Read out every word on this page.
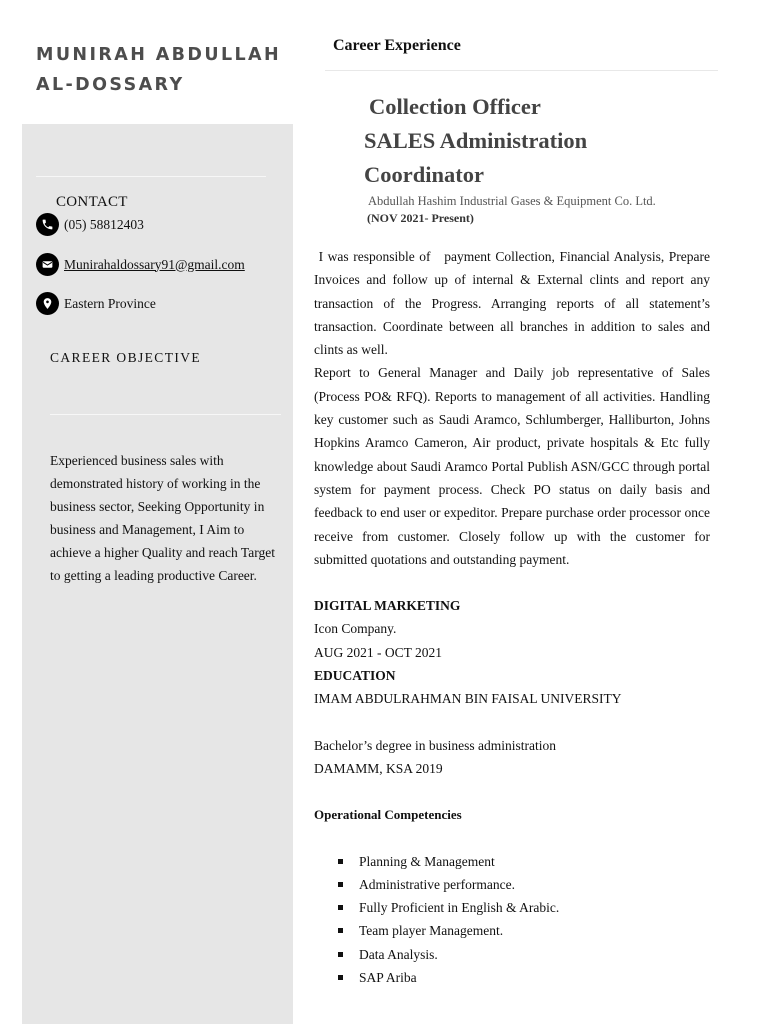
MUNIRAH ABDULLAH
AL-DOSSARY
CONTACT
(05) 58812403
Munirahaldossary91@gmail.com
Eastern Province
CAREER OBJECTIVE
Experienced business sales with demonstrated history of working in the business sector, Seeking Opportunity in business and Management, I Aim to achieve a higher Quality and reach Target to getting a leading productive Career.
Career Experience
Collection Officer
SALES Administration
Coordinator
Abdullah Hashim Industrial Gases & Equipment Co. Ltd.
(NOV 2021- Present)

I was responsible of   payment Collection, Financial Analysis, Prepare Invoices and follow up of internal & External clints and report any transaction of the Progress. Arranging reports of all statement’s transaction. Coordinate between all branches in addition to sales and clints as well.

Report to General Manager and Daily job representative of Sales (Process PO& RFQ). Reports to management of all activities. Handling key customer such as Saudi Aramco, Schlumberger, Halliburton, Johns Hopkins Aramco Cameron, Air product, private hospitals & Etc fully knowledge about Saudi Aramco Portal Publish ASN/GCC through portal system for payment process. Check PO status on daily basis and feedback to end user or expeditor. Prepare purchase order processor once receive from customer. Closely follow up with the customer for submitted quotations and outstanding payment.

DIGITAL MARKETING

Icon Company.

AUG 2021 - OCT 2021

EDUCATION

IMAM ABDULRAHMAN BIN FAISAL UNIVERSITY

Bachelor’s degree in business administration

DAMAMM, KSA 2019

Operational Competencies

Planning & Management
Administrative performance.
Fully Proficient in English & Arabic.
Team player Management.
Data Analysis.
SAP Ariba
